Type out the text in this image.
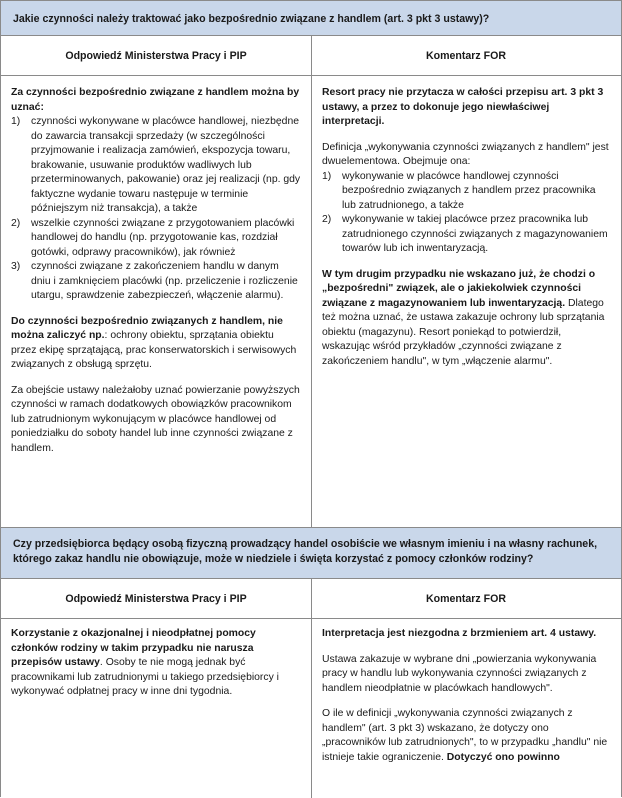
Jakie czynności należy traktować jako bezpośrednio związane z handlem (art. 3 pkt 3 ustawy)?

Odpowiedź Ministerstwa Pracy i PIP	Komentarz FOR

Za czynności bezpośrednio związane z handlem można by uznać:

1) czynności wykonywane w placówce handlowej, niezbędne do zawarcia transakcji sprzedaży (w szczególności przyjmowanie i realizacja zamówień, ekspozycja towaru, brakowanie, usuwanie produktów wadliwych lub przeterminowanych, pakowanie) oraz jej realizacji (np. gdy faktyczne wydanie towaru następuje w terminie późniejszym niż transakcja), a także
2) wszelkie czynności związane z przygotowaniem placówki handlowej do handlu (np. przygotowanie kas, rozdział gotówki, odprawy pracowników), jak również
3) czynności związane z zakończeniem handlu w danym dniu i zamknięciem placówki (np. przeliczenie i rozliczenie utargu, sprawdzenie zabezpieczeń, włączenie alarmu).

Do czynności bezpośrednio związanych z handlem, nie można zaliczyć np.: ochrony obiektu, sprzątania obiektu przez ekipę sprzątającą, prac konserwatorskich i serwisowych związanych z obsługą sprzętu.

Za obejście ustawy należałoby uznać powierzanie powyższych czynności w ramach dodatkowych obowiązków pracownikom lub zatrudnionym wykonującym w placówce handlowej od poniedziałku do soboty handel lub inne czynności związane z handlem.

Resort pracy nie przytacza w całości przepisu art. 3 pkt 3 ustawy, a przez to dokonuje jego niewłaściwej interpretacji.

Definicja „wykonywania czynności związanych z handlem" jest dwuelementowa. Obejmuje ona:

1) wykonywanie w placówce handlowej czynności bezpośrednio związanych z handlem przez pracownika lub zatrudnionego, a także
2) wykonywanie w takiej placówce przez pracownika lub zatrudnionego czynności związanych z magazynowaniem towarów lub ich inwentaryzacją.

W tym drugim przypadku nie wskazano już, że chodzi o „bezpośredni" związek, ale o jakiekolwiek czynności związane z magazynowaniem lub inwentaryzacją. Dlatego też można uznać, że ustawa zakazuje ochrony lub sprzątania obiektu (magazynu). Resort poniekąd to potwierdził, wskazując wśród przykładów „czynności związane z zakończeniem handlu", w tym „włączenie alarmu".

Czy przedsiębiorca będący osobą fizyczną prowadzący handel osobiście we własnym imieniu i na własny rachunek, którego zakaz handlu nie obowiązuje, może w niedziele i święta korzystać z pomocy członków rodziny?

Odpowiedź Ministerstwa Pracy i PIP	Komentarz FOR

Korzystanie z okazjonalnej i nieodpłatnej pomocy członków rodziny w takim przypadku nie narusza przepisów ustawy. Osoby te nie mogą jednak być pracownikami lub zatrudnionymi u takiego przedsiębiorcy i wykonywać odpłatnej pracy w inne dni tygodnia.

Interpretacja jest niezgodna z brzmieniem art. 4 ustawy.

Ustawa zakazuje w wybrane dni „powierzania wykonywania pracy w handlu lub wykonywania czynności związanych z handlem nieodpłatnie w placówkach handlowych".

O ile w definicji „wykonywania czynności związanych z handlem" (art. 3 pkt 3) wskazano, że dotyczy ono „pracowników lub zatrudnionych", to w przypadku „handlu" nie istnieje takie ograniczenie. Dotyczyć ono powinno
